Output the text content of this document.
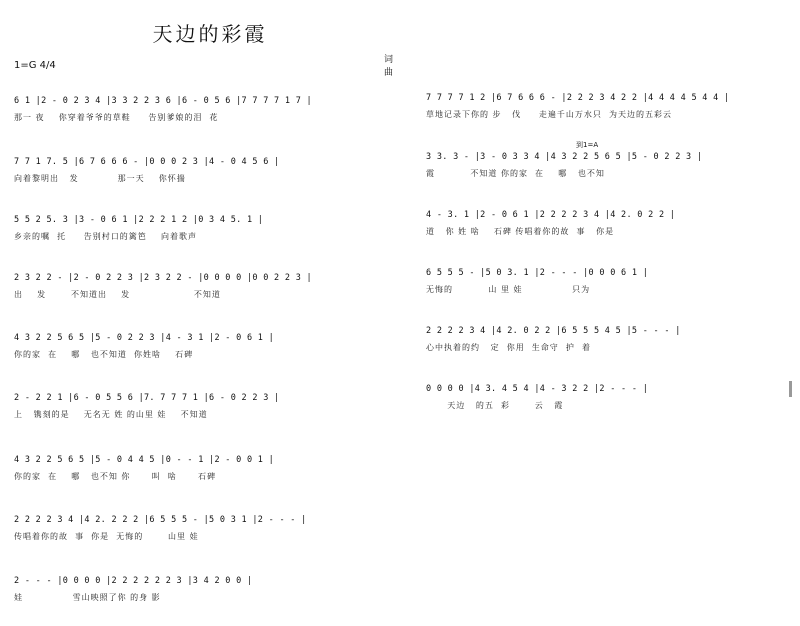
天边的彩霞
1=G 4/4	词
曲
6 1 |2 - 0 2 3 4 |3 3 2 2 3 6 |6 - 0 5 6 |7 7 7 7 1 7 |
那一 夜    你穿着爷爷的草鞋     告别爹娘的泪  花
7 7 1 7. 5 |6 7 6 6 6 - |0 0 0 2 3 |4 - 0 4 5 6 |
向着黎明出   发           那一天    你怀揣
5 5 2 5. 3 |3 - 0 6 1 |2 2 2 1 2 |0 3 4 5. 1 |
乡亲的嘱  托     告别村口的篱笆    向着歌声
2 3 2 2 - |2 - 0 2 2 3 |2 3 2 2 - |0 0 0 0 |0 0 2 2 3 |
出    发       不知道出    发                  不知道
4 3 2 2 5 6 5 |5 - 0 2 2 3 |4 - 3 1 |2 - 0 6 1 |
你的家  在    哪   也不知道  你姓啥    石碑
2 - 2 2 1 |6 - 0 5 5 6 |7. 7 7 7 1 |6 - 0 2 2 3 |
上   镌刻的是    无名无 姓 的山里 娃    不知道
4 3 2 2 5 6 5 |5 - 0 4 4 5 |0 - - 1 |2 - 0 0 1 |
你的家  在    哪   也不知 你      叫  啥      石碑
2 2 2 2 3 4 |4 2. 2 2 2 |6 5 5 5 - |5 0 3 1 |2 - - - |
传唱着你的故  事  你是  无悔的       山里 娃
2 - - - |0 0 0 0 |2 2 2 2 2 2 3 |3 4 2 0 0 |
娃              雪山映照了你 的身 影
7 7 7 7 1 2 |6 7 6 6 6 - |2 2 2 3 4 2 2 |4 4 4 4 5 4 4 |
草地记录下你的 步   伐     走遍千山万水只  为天边的五彩云
到1=A
3 3. 3 - |3 - 0 3 3 4 |4 3 2 2 5 6 5 |5 - 0 2 2 3 |
霞          不知道 你的家  在    哪   也不知
4 - 3. 1 |2 - 0 6 1 |2 2 2 2 3 4 |4 2. 0 2 2 |
道   你 姓 啥    石碑 传唱着你的故  事   你是
6 5 5 5 - |5 0 3. 1 |2 - - - |0 0 0 6 1 |
无悔的          山 里 娃              只为
2 2 2 2 3 4 |4 2. 0 2 2 |6 5 5 5 4 5 |5 - - - |
心中执着的约   定  你用  生命守  护  着
0 0 0 0 |4 3. 4 5 4 |4 - 3 2 2 |2 - - - |
天边   的五  彩       云   霞
